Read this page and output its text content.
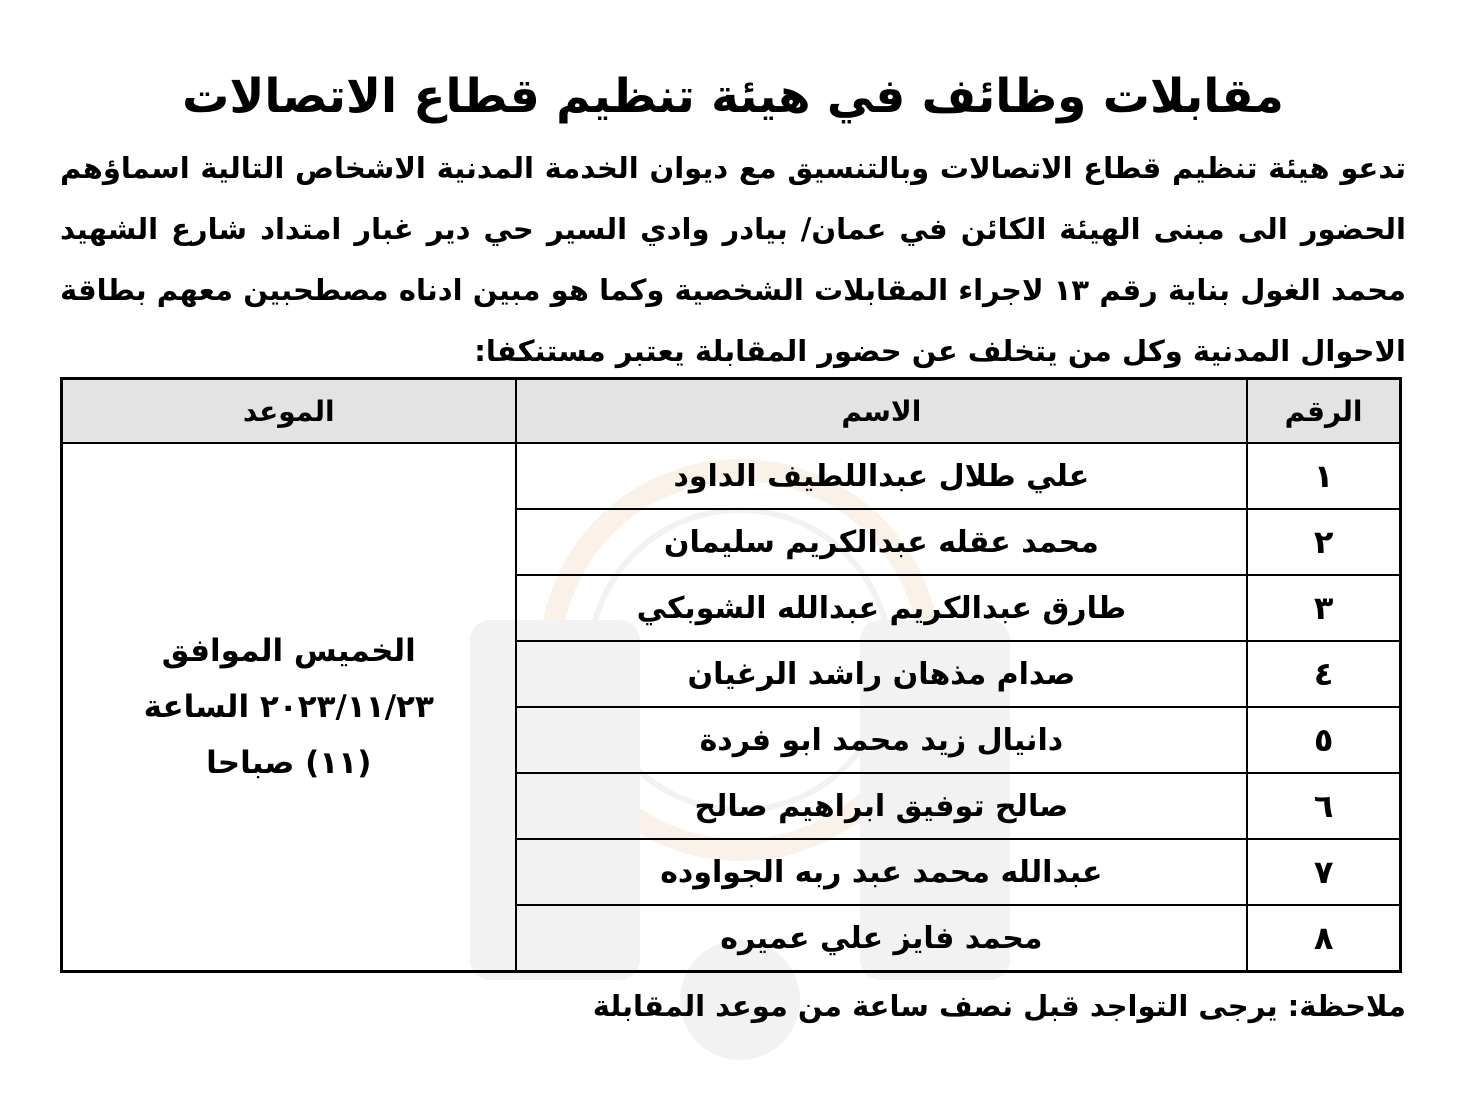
مقابلات وظائف في هيئة تنظيم قطاع الاتصالات
تدعو هيئة تنظيم قطاع الاتصالات وبالتنسيق مع ديوان الخدمة المدنية الاشخاص التالية اسماؤهم الحضور الى مبنى الهيئة الكائن في عمان/ بيادر وادي السير حي دير غبار امتداد شارع الشهيد محمد الغول بناية رقم ١٣ لاجراء المقابلات الشخصية وكما هو مبين ادناه مصطحبين معهم بطاقة الاحوال المدنية وكل من يتخلف عن حضور المقابلة يعتبر مستنكفا:
الرقم	الاسم	الموعد
١	علي طلال عبداللطيف الداود	الخميس الموافق
٢٠٢٣/١١/٢٣ الساعة
(١١) صباحا

٢	محمد عقله عبدالكريم سليمان	
٣	طارق عبدالكريم عبدالله الشوبكي	
٤	صدام مذهان راشد الرغيان	
٥	دانيال زيد محمد ابو فردة	
٦	صالح توفيق ابراهيم صالح	
٧	عبدالله محمد عبد ربه الجواوده	
٨	محمد فايز علي عميره	
ملاحظة: يرجى التواجد قبل نصف ساعة من موعد المقابلة
